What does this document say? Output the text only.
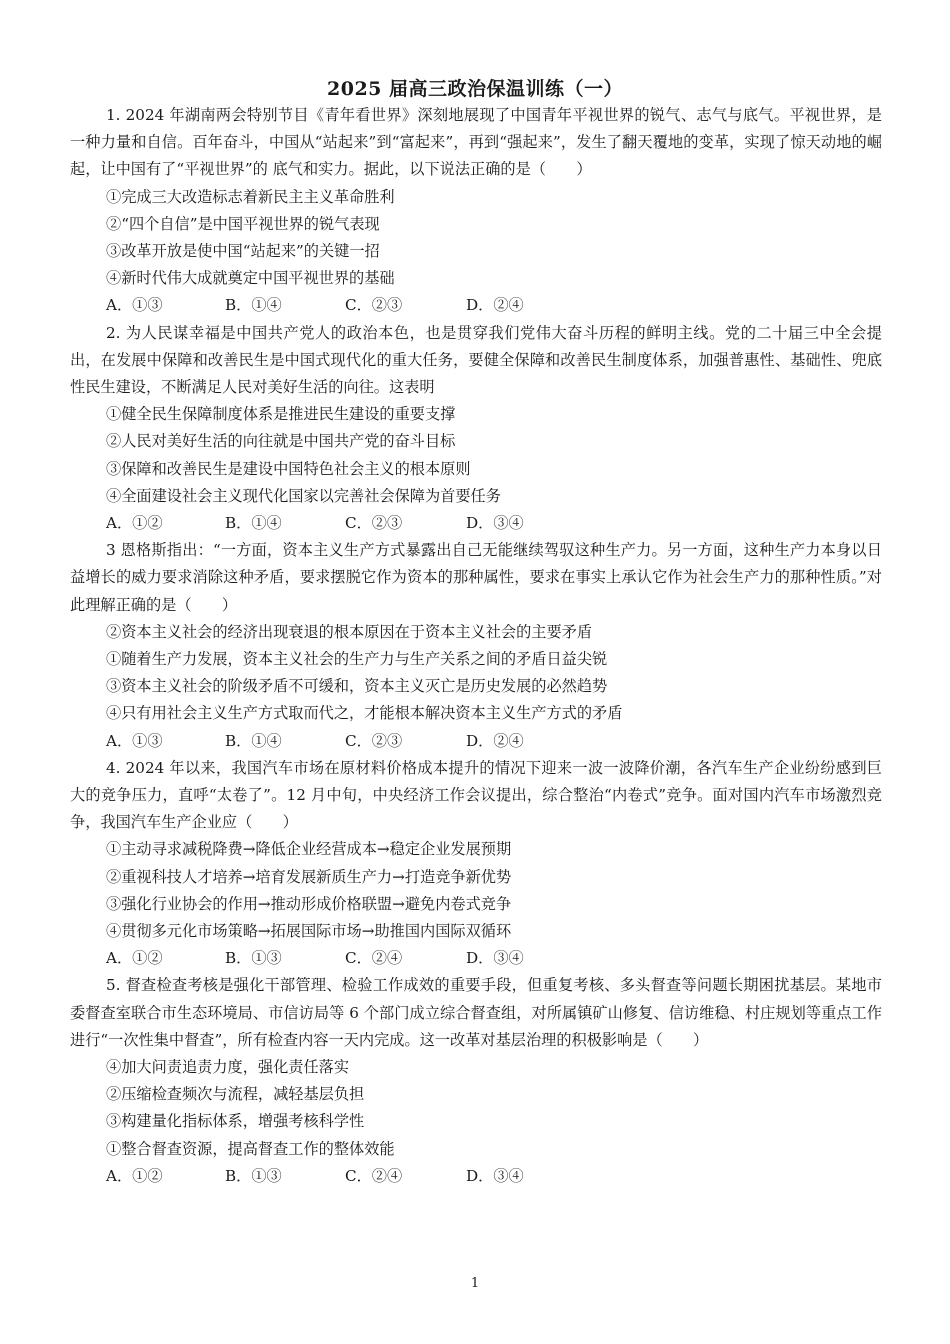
2025 届高三政治保温训练（一）

1. 2024 年湖南两会特别节目《青年看世界》深刻地展现了中国青年平视世界的锐气、志气与底气。平视世界，是一种力量和自信。百年奋斗，中国从“站起来”到“富起来”，再到“强起来”，发生了翻天覆地的变革，实现了惊天动地的崛起，让中国有了“平视世界”的 底气和实力。据此，以下说法正确的是（　　）

①完成三大改造标志着新民主主义革命胜利

②“四个自信”是中国平视世界的锐气表现

③改革开放是使中国“站起来”的关键一招

④新时代伟大成就奠定中国平视世界的基础

A．①③	B．①④	C．②③	D．②④

2. 为人民谋幸福是中国共产党人的政治本色，也是贯穿我们党伟大奋斗历程的鲜明主线。党的二十届三中全会提出，在发展中保障和改善民生是中国式现代化的重大任务，要健全保障和改善民生制度体系，加强普惠性、基础性、兜底性民生建设，不断满足人民对美好生活的向往。这表明

①健全民生保障制度体系是推进民生建设的重要支撑

②人民对美好生活的向往就是中国共产党的奋斗目标

③保障和改善民生是建设中国特色社会主义的根本原则

④全面建设社会主义现代化国家以完善社会保障为首要任务

A．①②	B．①④	C．②③	D．③④

3 恩格斯指出：“一方面，资本主义生产方式暴露出自己无能继续驾驭这种生产力。另一方面，这种生产力本身以日益增长的威力要求消除这种矛盾，要求摆脱它作为资本的那种属性，要求在事实上承认它作为社会生产力的那种性质。”对此理解正确的是（　　）

②资本主义社会的经济出现衰退的根本原因在于资本主义社会的主要矛盾

①随着生产力发展，资本主义社会的生产力与生产关系之间的矛盾日益尖锐

③资本主义社会的阶级矛盾不可缓和，资本主义灭亡是历史发展的必然趋势

④只有用社会主义生产方式取而代之，才能根本解决资本主义生产方式的矛盾

A．①③	B．①④	C．②③	D．②④

4. 2024 年以来，我国汽车市场在原材料价格成本提升的情况下迎来一波一波降价潮，各汽车生产企业纷纷感到巨大的竞争压力，直呼“太卷了”。12 月中旬，中央经济工作会议提出，综合整治“内卷式”竞争。面对国内汽车市场激烈竞争，我国汽车生产企业应（　　）

①主动寻求减税降费→降低企业经营成本→稳定企业发展预期

②重视科技人才培养→培育发展新质生产力→打造竞争新优势

③强化行业协会的作用→推动形成价格联盟→避免内卷式竞争

④贯彻多元化市场策略→拓展国际市场→助推国内国际双循环

A．①②	B．①③	C．②④	D．③④

5. 督查检查考核是强化干部管理、检验工作成效的重要手段，但重复考核、多头督查等问题长期困扰基层。某地市委督查室联合市生态环境局、市信访局等 6 个部门成立综合督查组，对所属镇矿山修复、信访维稳、村庄规划等重点工作进行“一次性集中督查”，所有检查内容一天内完成。这一改革对基层治理的积极影响是（　　）

④加大问责追责力度，强化责任落实

②压缩检查频次与流程，减轻基层负担

③构建量化指标体系，增强考核科学性

①整合督查资源，提高督查工作的整体效能

A．①②	B．①③	C．②④	D．③④
1
